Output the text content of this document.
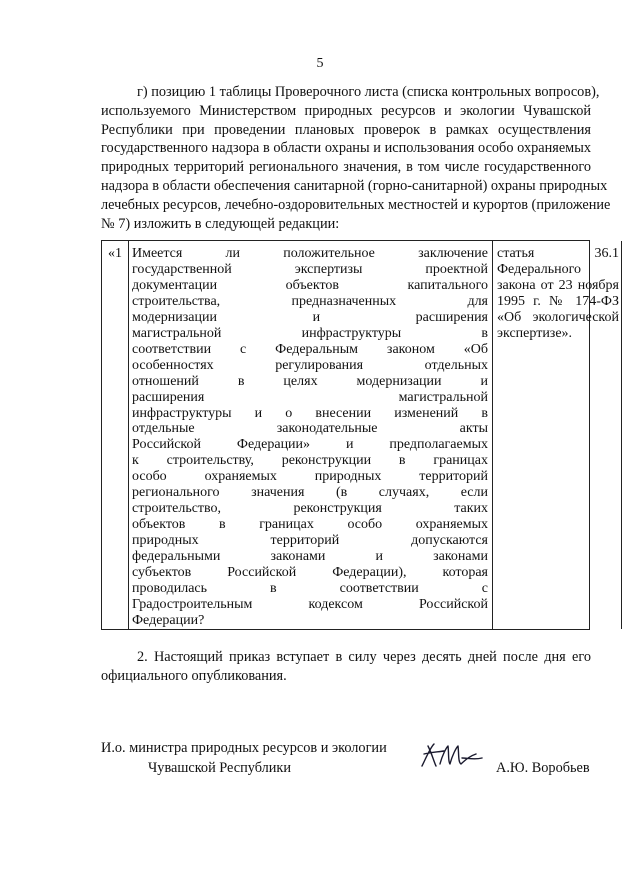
5
г) позицию 1 таблицы Проверочного листа (списка контрольных вопросов),
используемого Министерством природных ресурсов и экологии Чувашской
Республики при проведении плановых проверок в рамках осуществления
государственного надзора в области охраны и использования особо охраняемых
природных территорий регионального значения, в том числе государственного
надзора в области обеспечения санитарной (горно-санитарной) охраны природных
лечебных ресурсов, лечебно-оздоровительных местностей и курортов (приложение
№ 7) изложить в следующей редакции:
«1 Имеется ли положительное заключение
государственной экспертизы проектной
документации объектов капитального
строительства, предназначенных для
модернизации и расширения
магистральной инфраструктуры в
соответствии с Федеральным законом «Об
особенностях регулирования отдельных
отношений в целях модернизации и
расширения магистральной
инфраструктуры и о внесении изменений в
отдельные законодательные акты
Российской Федерации» и предполагаемых
к строительству, реконструкции в границах
особо охраняемых природных территорий
регионального значения (в случаях, если
строительство, реконструкция таких
объектов в границах особо охраняемых
природных территорий допускаются
федеральными законами и законами
субъектов Российской Федерации), которая
проводилась в соответствии с
Градостроительным кодексом Российской
Федерации?
статья 36.1
Федерального
закона от 23 ноября
1995 г. № 174-ФЗ
«Об экологической
экспертизе».
2. Настоящий приказ вступает в силу через десять дней после дня его
официального опубликования.
И.о. министра природных ресурсов и экологии
Чувашской Республики	А.Ю. Воробьев
